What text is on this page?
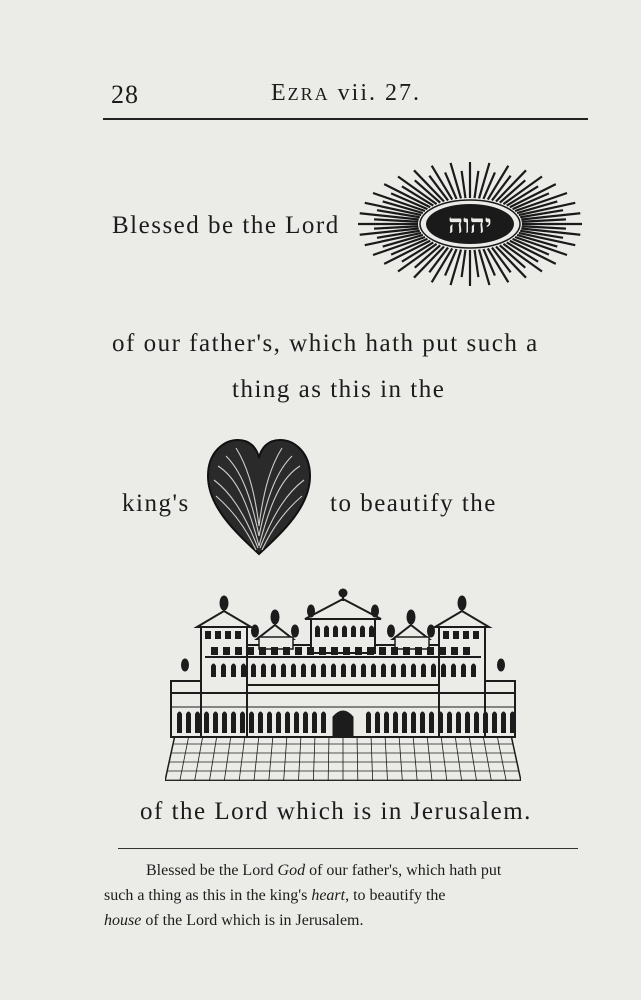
28	EZRA vii. 27.
Blessed be the Lord	יהוה
of our father's, which hath put such a
thing as this in the
king's	to beautify the
of the Lord which is in Jerusalem.
Blessed be the Lord God of our father's, which hath put
such a thing as this in the king's heart, to beautify the
house of the Lord which is in Jerusalem.
